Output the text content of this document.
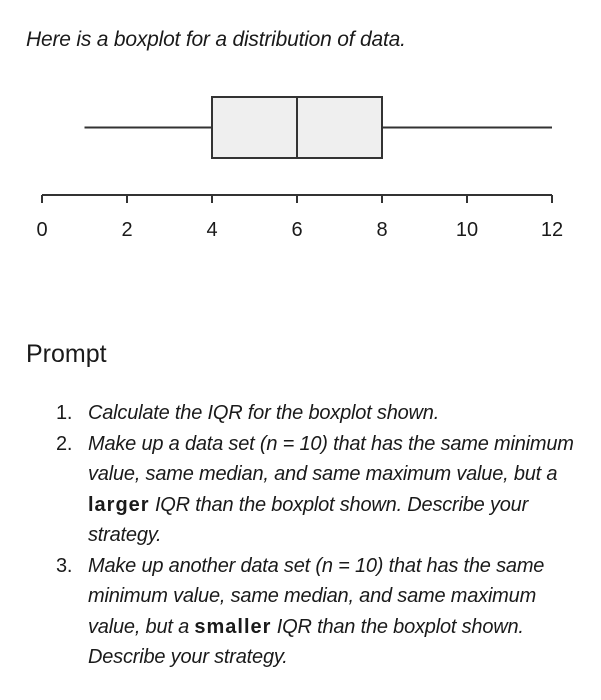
Here is a boxplot for a distribution of data.

0	2	4	6	8	10	12
Prompt
1. Calculate the IQR for the boxplot shown.
2. Make up a data set (n = 10) that has the same minimum value, same median, and same maximum value, but a larger IQR than the boxplot shown. Describe your strategy.
3. Make up another data set (n = 10) that has the same minimum value, same median, and same maximum value, but a smaller IQR than the boxplot shown. Describe your strategy.
